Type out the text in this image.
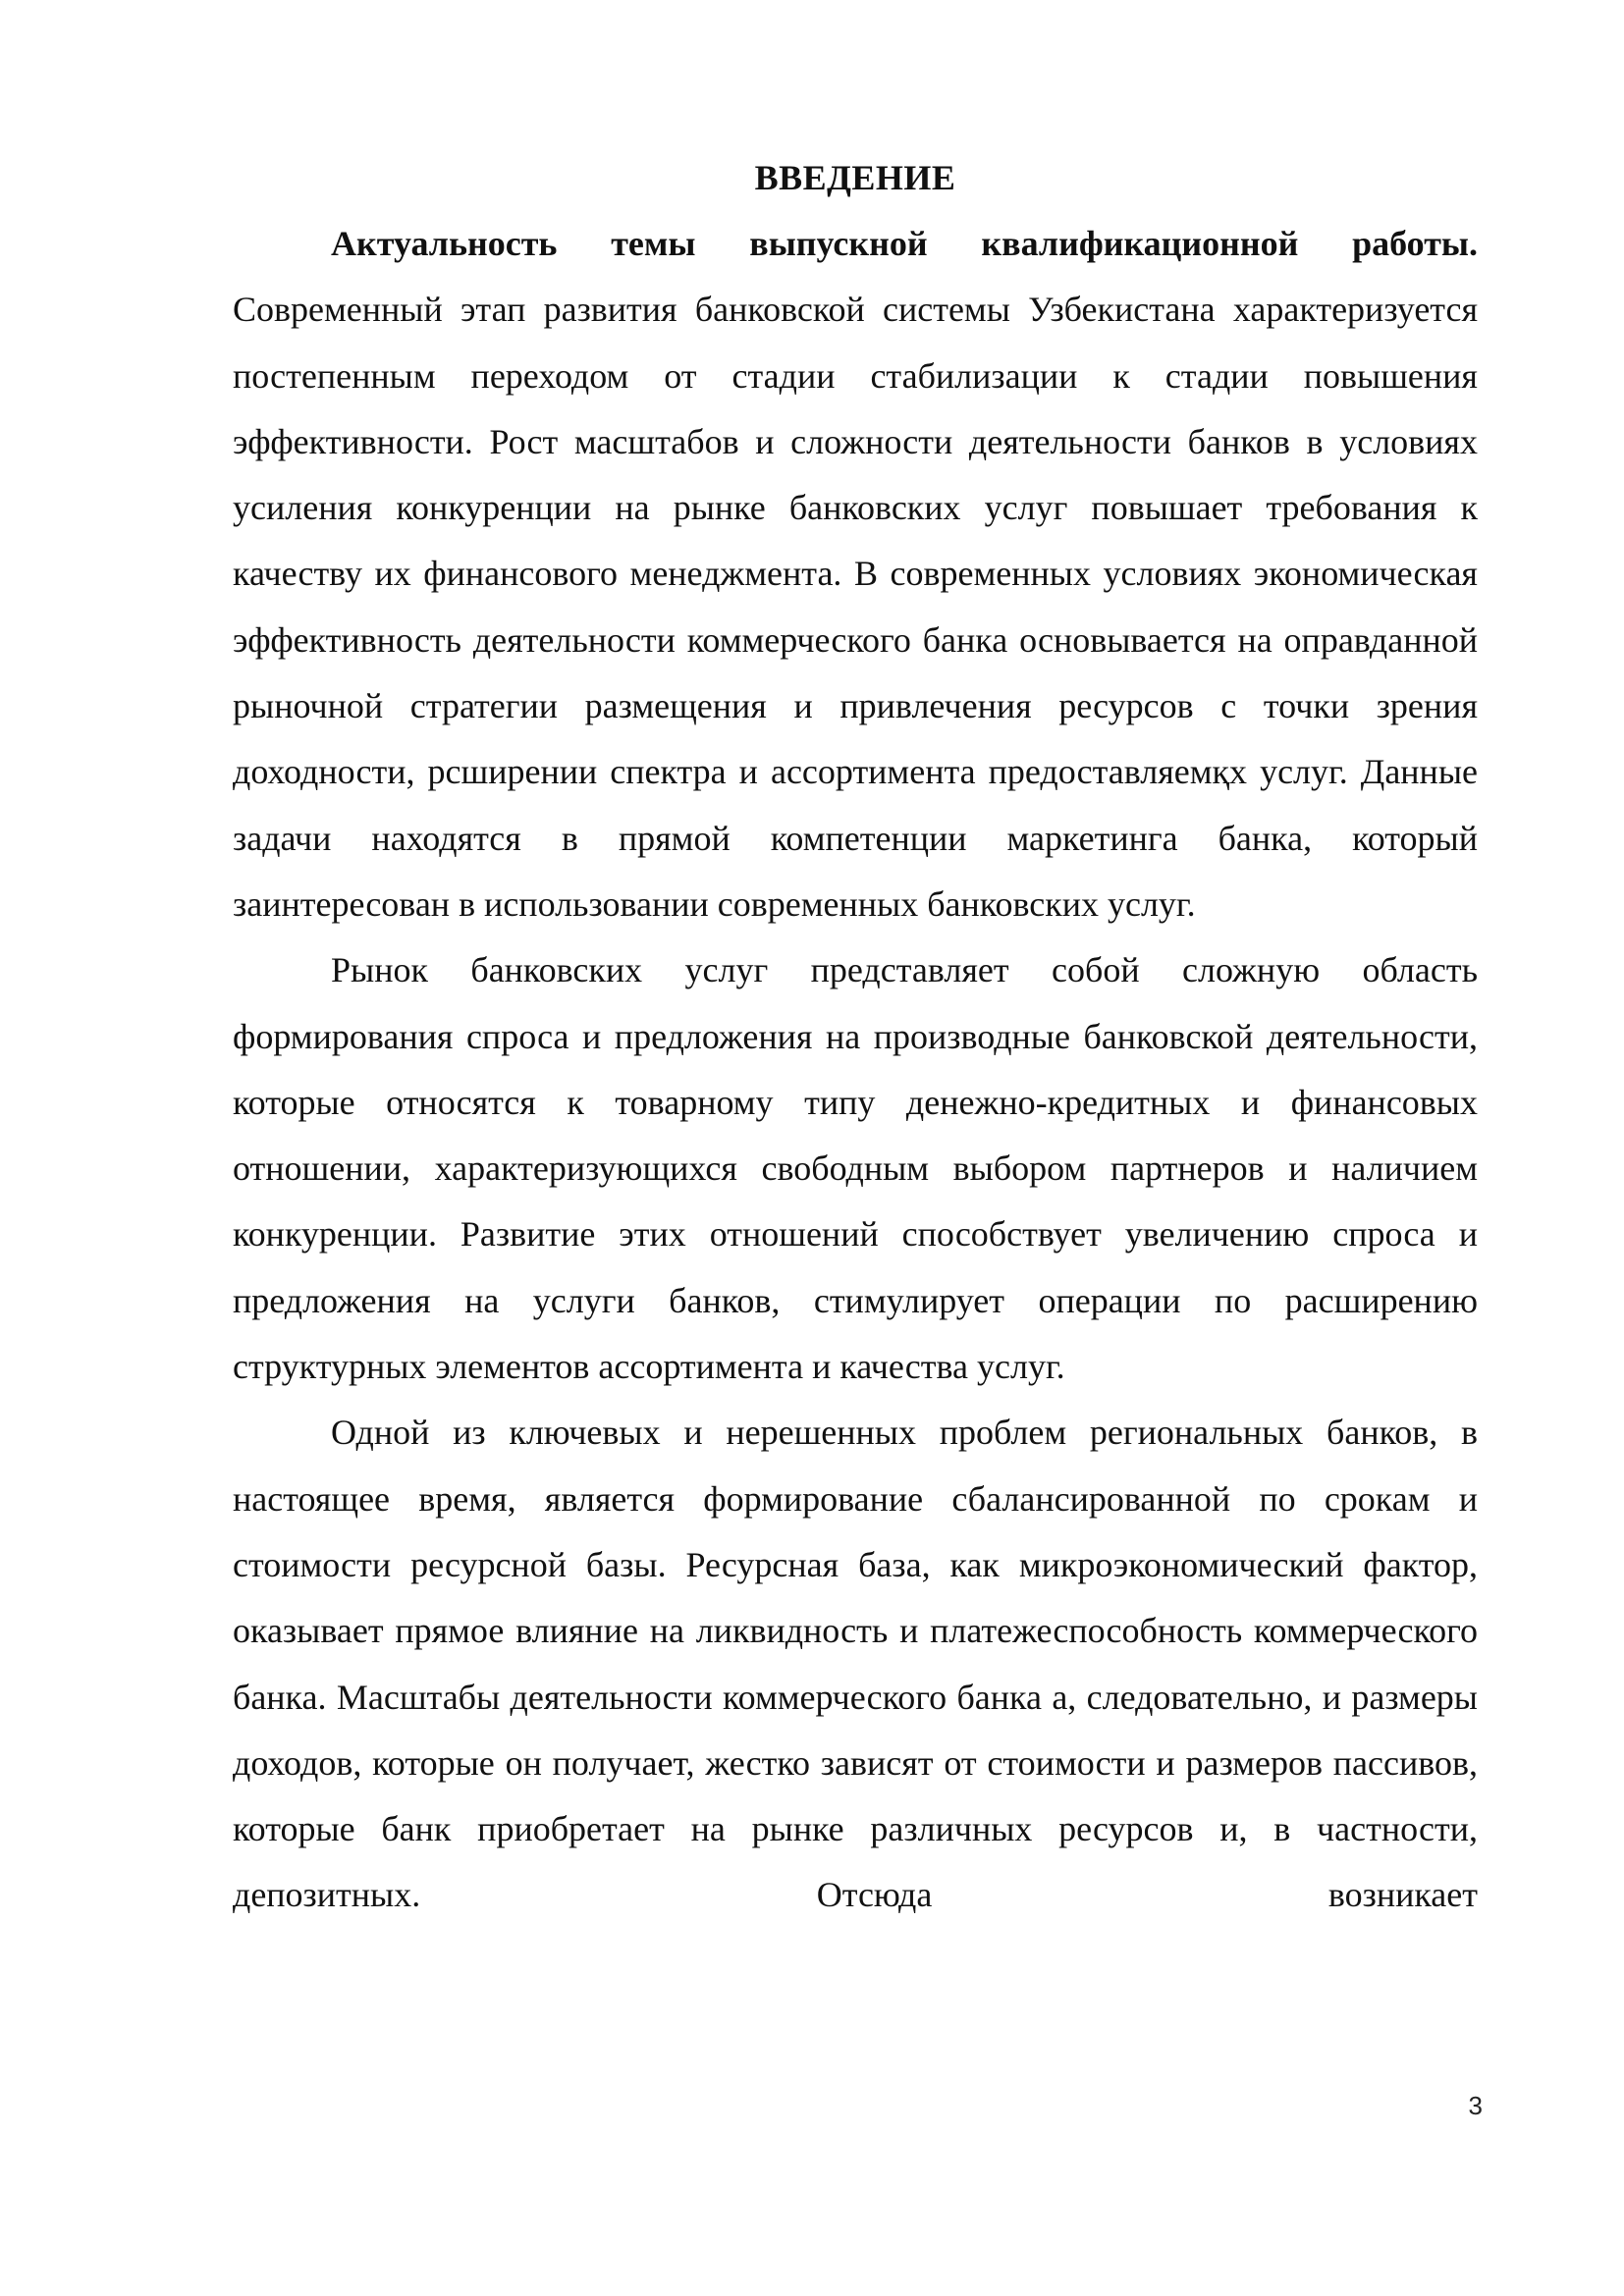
ВВЕДЕНИЕ

Актуальность темы выпускной квалификационной работы. Современный этап развития банковской системы Узбекистана характеризуется постепенным переходом от стадии стабилизации к стадии повышения эффективности. Рост масштабов и сложности деятельности банков в условиях усиления конкуренции на рынке банковских услуг повышает требования к качеству их финансового менеджмента. В современных условиях экономическая эффективность деятельности коммерческого банка основывается на оправданной рыночной стратегии размещения и привлечения ресурсов с точки зрения доходности, рсширении спектра и ассортимента предоставляемқх услуг. Данные задачи находятся в прямой компетенции маркетинга банка, который заинтересован в использовании современных банковских услуг.

Рынок банковских услуг представляет собой сложную область формирования спроса и предложения на производные банковской деятельности, которые относятся к товарному типу денежно-кредитных и финансовых отношении, характеризующихся свободным выбором партнеров и наличием конкуренции. Развитие этих отношений способствует увеличению спроса и предложения на услуги банков, стимулирует операции по расширению структурных элементов ассортимента и качества услуг.

Одной из ключевых и нерешенных проблем региональных банков, в настоящее время, является формирование сбалансированной по срокам и стоимости ресурсной базы. Ресурсная база, как микроэкономический фактор, оказывает прямое влияние на ликвидность и платежеспособность коммерческого банка. Масштабы деятельности коммерческого банка а, следовательно, и размеры доходов, которые он получает, жестко зависят от стоимости и размеров пассивов, которые банк приобретает на рынке различных ресурсов и, в частности, депозитных. Отсюда возникает

3
